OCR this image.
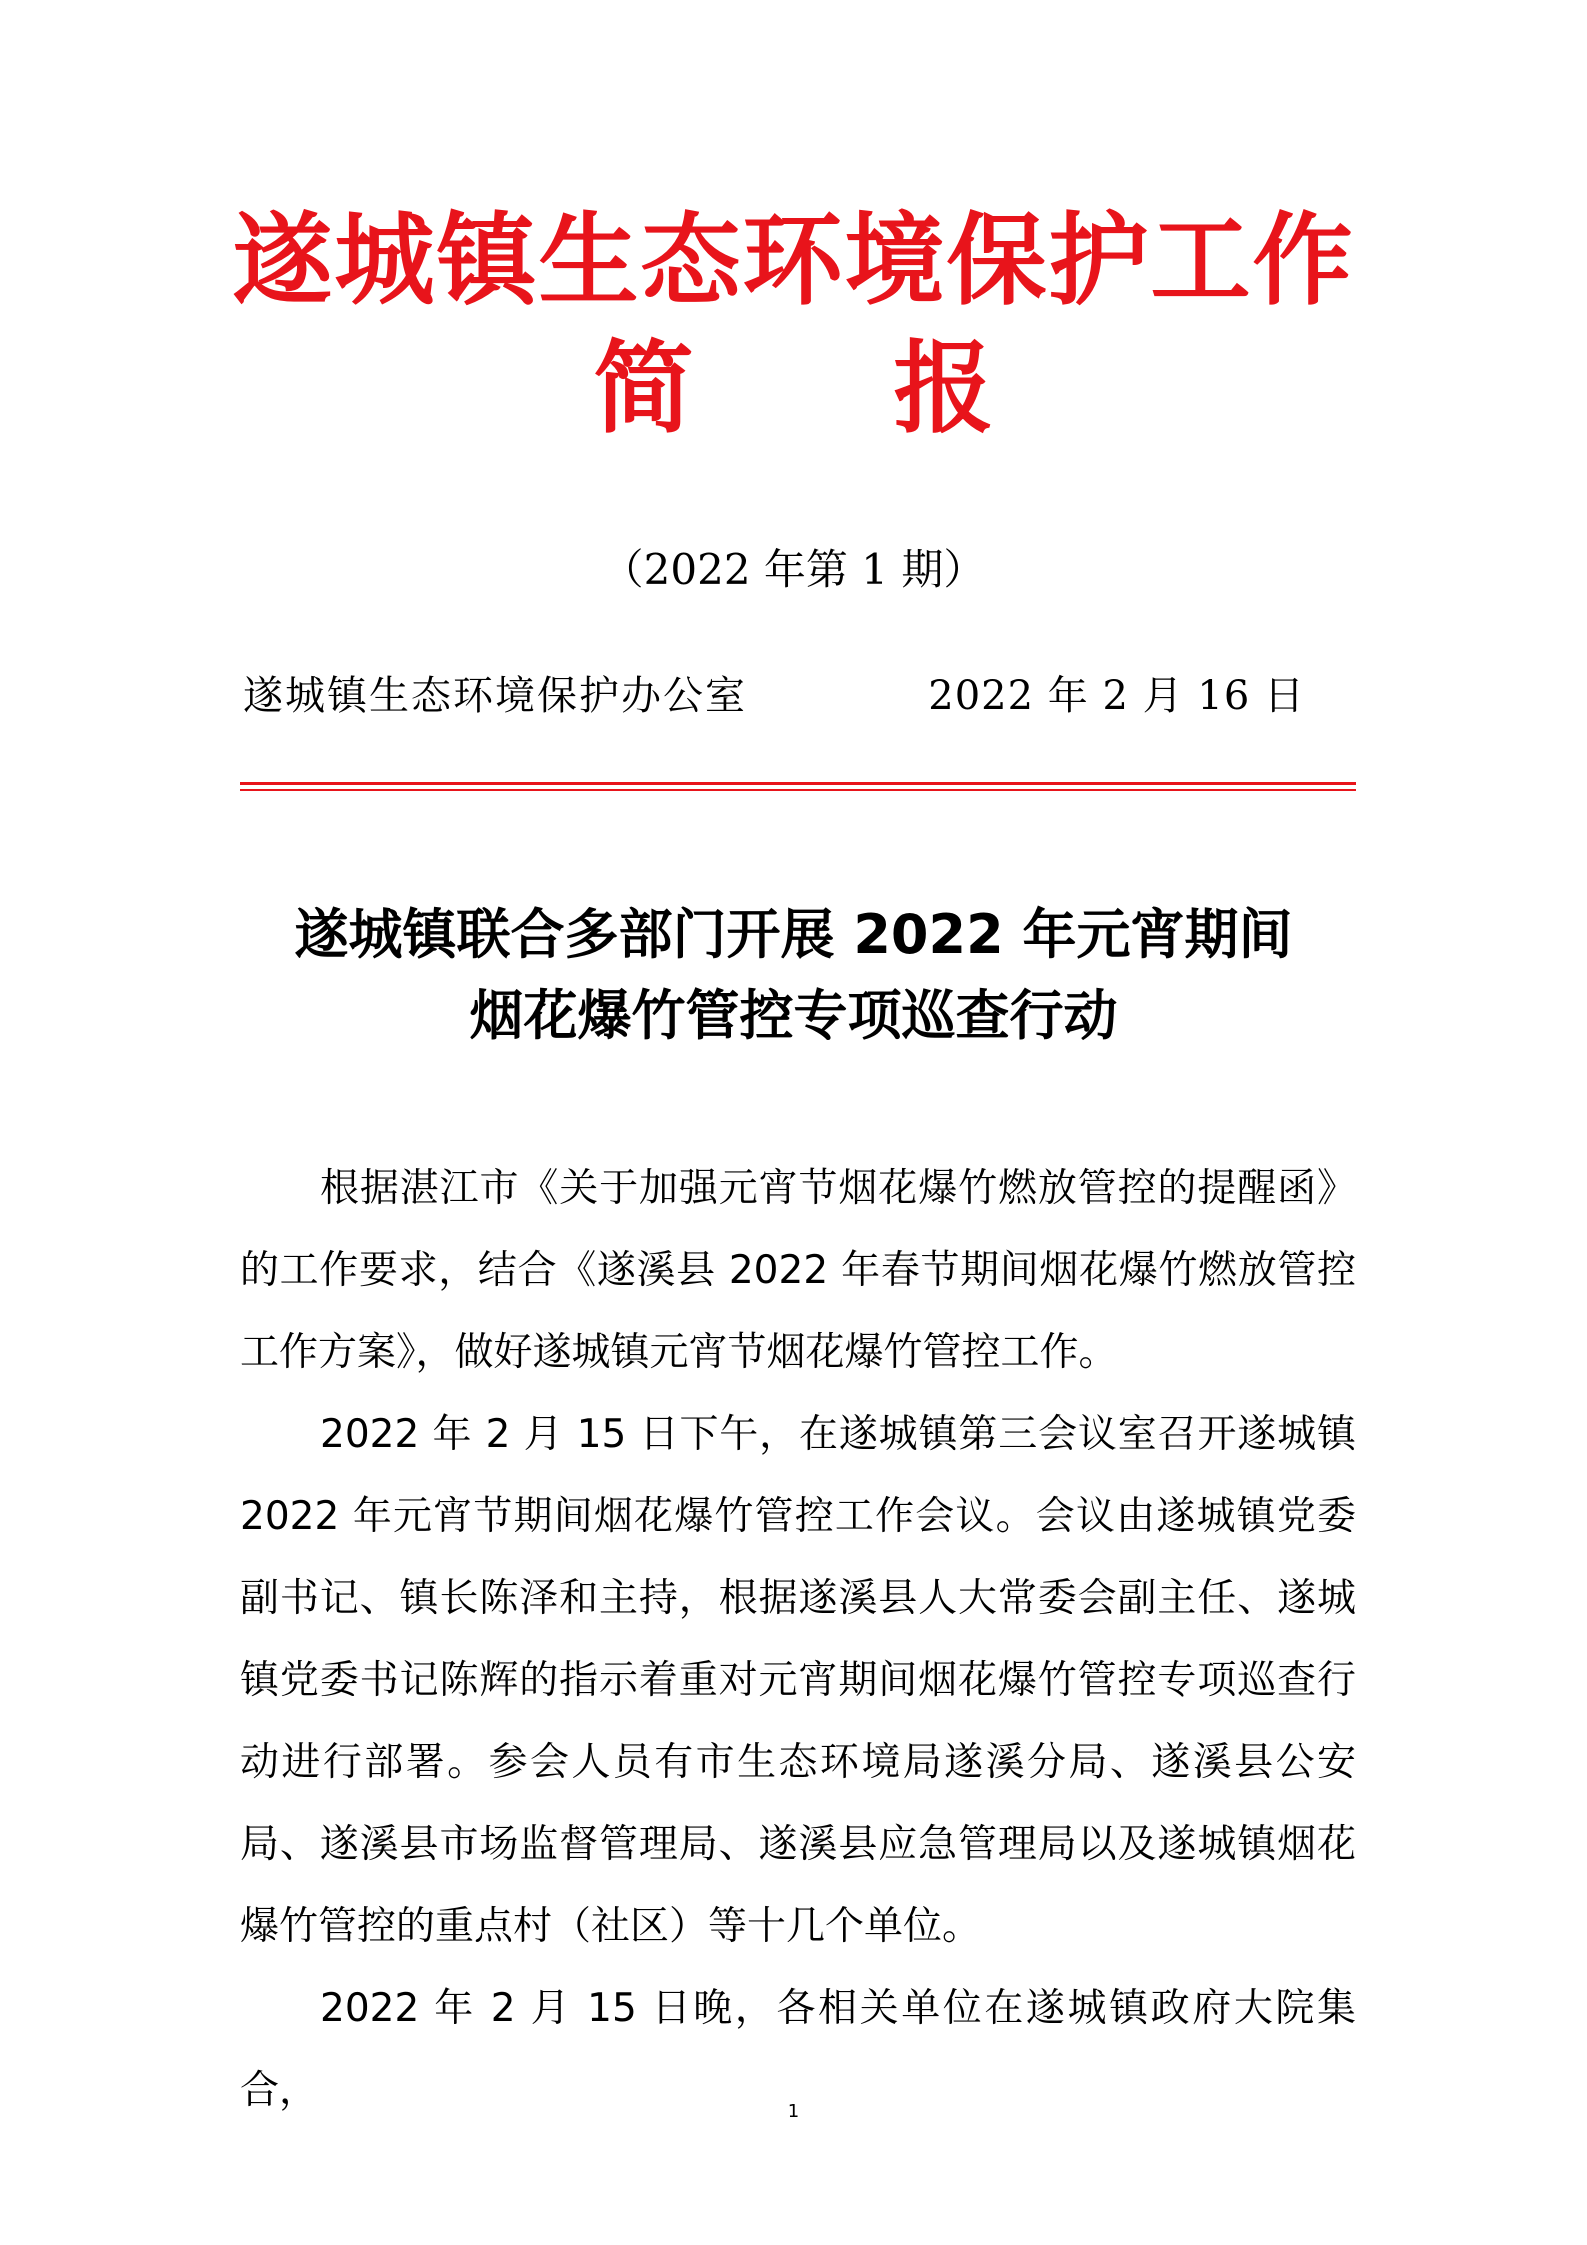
遂城镇生态环境保护工作
简 报
（2022 年第 1 期）
遂城镇生态环境保护办公室	2022 年 2 月 16 日
遂城镇联合多部门开展 2022 年元宵期间
烟花爆竹管控专项巡查行动

根据湛江市《关于加强元宵节烟花爆竹燃放管控的提醒函》的工作要求，结合《遂溪县 2022 年春节期间烟花爆竹燃放管控工作方案》，做好遂城镇元宵节烟花爆竹管控工作。

2022 年 2 月 15 日下午，在遂城镇第三会议室召开遂城镇 2022 年元宵节期间烟花爆竹管控工作会议。会议由遂城镇党委副书记、镇长陈泽和主持，根据遂溪县人大常委会副主任、遂城镇党委书记陈辉的指示着重对元宵期间烟花爆竹管控专项巡查行动进行部署。参会人员有市生态环境局遂溪分局、遂溪县公安局、遂溪县市场监督管理局、遂溪县应急管理局以及遂城镇烟花爆竹管控的重点村（社区）等十几个单位。

2022 年 2 月 15 日晚，各相关单位在遂城镇政府大院集合，	1
